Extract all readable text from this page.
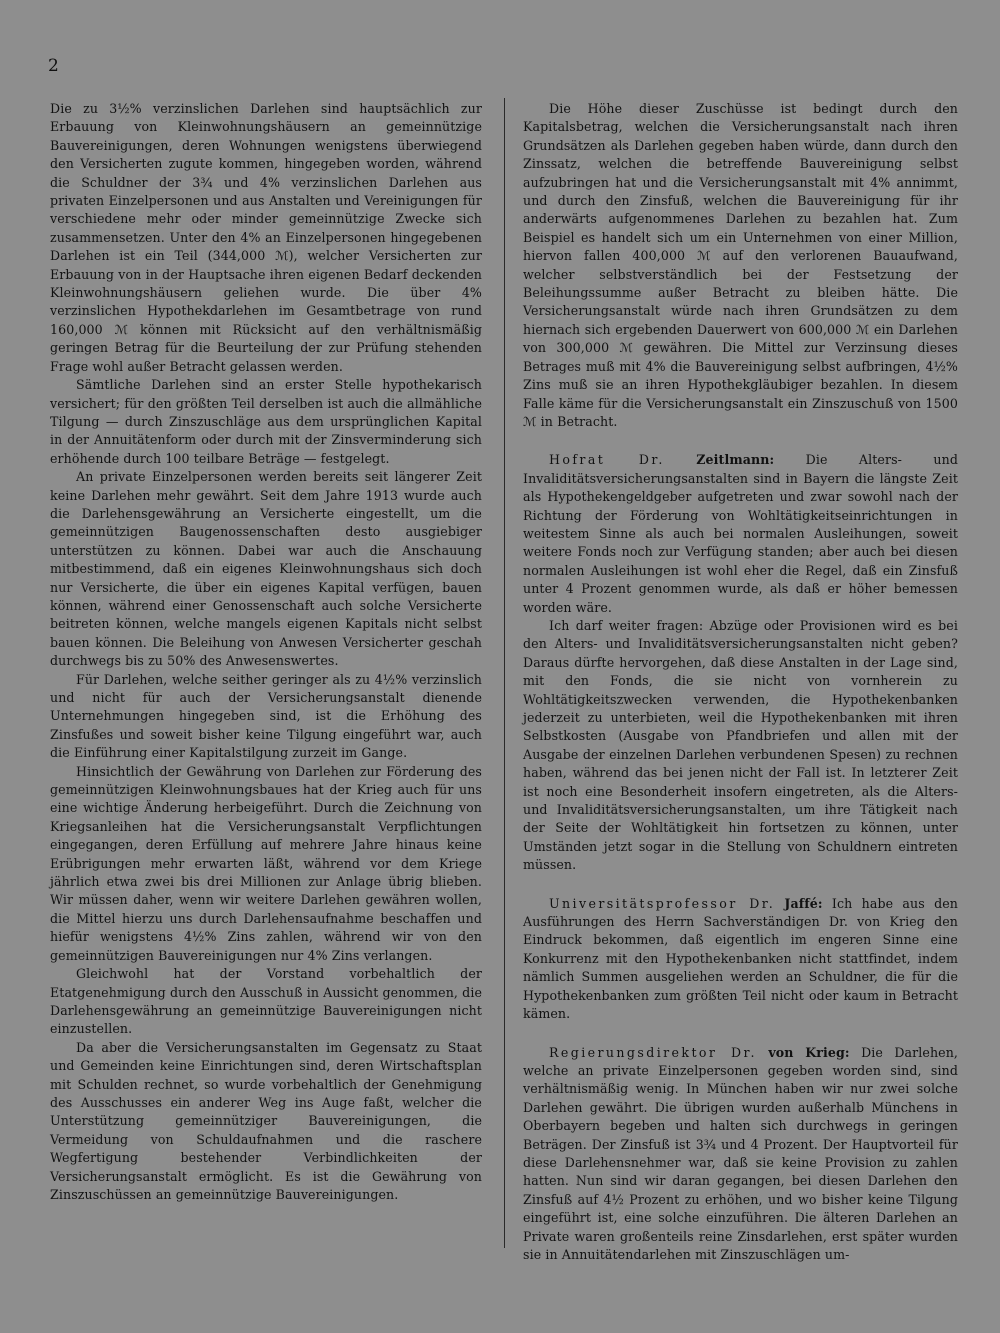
2

Die zu 3½% verzinslichen Darlehen sind hauptsächlich zur Erbauung von Kleinwohnungshäusern an gemeinnützige Bauvereinigungen, deren Wohnungen wenigstens überwiegend den Versicherten zugute kommen, hingegeben worden, während die Schuldner der 3¾ und 4% verzinslichen Darlehen aus privaten Einzelpersonen und aus Anstalten und Vereinigungen für verschiedene mehr oder minder gemeinnützige Zwecke sich zusammensetzen. Unter den 4% an Einzelpersonen hingegebenen Darlehen ist ein Teil (344,000 ℳ), welcher Versicherten zur Erbauung von in der Hauptsache ihren eigenen Bedarf deckenden Kleinwohnungshäusern geliehen wurde. Die über 4% verzinslichen Hypothekdarlehen im Gesamtbetrage von rund 160,000 ℳ können mit Rücksicht auf den verhältnismäßig geringen Betrag für die Beurteilung der zur Prüfung stehenden Frage wohl außer Betracht gelassen werden.

Sämtliche Darlehen sind an erster Stelle hypothekarisch versichert; für den größten Teil derselben ist auch die allmähliche Tilgung — durch Zinszuschläge aus dem ursprünglichen Kapital in der Annuitätenform oder durch mit der Zinsverminderung sich erhöhende durch 100 teilbare Beträge — festgelegt.

An private Einzelpersonen werden bereits seit längerer Zeit keine Darlehen mehr gewährt. Seit dem Jahre 1913 wurde auch die Darlehensgewährung an Versicherte eingestellt, um die gemeinnützigen Baugenossenschaften desto ausgiebiger unterstützen zu können. Dabei war auch die Anschauung mitbestimmend, daß ein eigenes Kleinwohnungshaus sich doch nur Versicherte, die über ein eigenes Kapital verfügen, bauen können, während einer Genossenschaft auch solche Versicherte beitreten können, welche mangels eigenen Kapitals nicht selbst bauen können. Die Beleihung von Anwesen Versicherter geschah durchwegs bis zu 50% des Anwesenswertes.

Für Darlehen, welche seither geringer als zu 4½% verzinslich und nicht für auch der Versicherungsanstalt dienende Unternehmungen hingegeben sind, ist die Erhöhung des Zinsfußes und soweit bisher keine Tilgung eingeführt war, auch die Einführung einer Kapitalstilgung zurzeit im Gange.

Hinsichtlich der Gewährung von Darlehen zur Förderung des gemeinnützigen Kleinwohnungsbaues hat der Krieg auch für uns eine wichtige Änderung herbeigeführt. Durch die Zeichnung von Kriegsanleihen hat die Versicherungsanstalt Verpflichtungen eingegangen, deren Erfüllung auf mehrere Jahre hinaus keine Erübrigungen mehr erwarten läßt, während vor dem Kriege jährlich etwa zwei bis drei Millionen zur Anlage übrig blieben. Wir müssen daher, wenn wir weitere Darlehen gewähren wollen, die Mittel hierzu uns durch Darlehensaufnahme beschaffen und hiefür wenigstens 4½% Zins zahlen, während wir von den gemeinnützigen Bauvereinigungen nur 4% Zins verlangen.

Gleichwohl hat der Vorstand vorbehaltlich der Etatgenehmigung durch den Ausschuß in Aussicht genommen, die Darlehensgewährung an gemeinnützige Bauvereinigungen nicht einzustellen.

Da aber die Versicherungsanstalten im Gegensatz zu Staat und Gemeinden keine Einrichtungen sind, deren Wirtschaftsplan mit Schulden rechnet, so wurde vorbehaltlich der Genehmigung des Ausschusses ein anderer Weg ins Auge faßt, welcher die Unterstützung gemeinnütziger Bauvereinigungen, die Vermeidung von Schuldaufnahmen und die raschere Wegfertigung bestehender Verbindlichkeiten der Versicherungsanstalt ermöglicht. Es ist die Gewährung von Zinszuschüssen an gemeinnützige Bauvereinigungen.

Die Höhe dieser Zuschüsse ist bedingt durch den Kapitalsbetrag, welchen die Versicherungsanstalt nach ihren Grundsätzen als Darlehen gegeben haben würde, dann durch den Zinssatz, welchen die betreffende Bauvereinigung selbst aufzubringen hat und die Versicherungsanstalt mit 4% annimmt, und durch den Zinsfuß, welchen die Bauvereinigung für ihr anderwärts aufgenommenes Darlehen zu bezahlen hat. Zum Beispiel es handelt sich um ein Unternehmen von einer Million, hiervon fallen 400,000 ℳ auf den verlorenen Bauaufwand, welcher selbstverständlich bei der Festsetzung der Beleihungssumme außer Betracht zu bleiben hätte. Die Versicherungsanstalt würde nach ihren Grundsätzen zu dem hiernach sich ergebenden Dauerwert von 600,000 ℳ ein Darlehen von 300,000 ℳ gewähren. Die Mittel zur Verzinsung dieses Betrages muß mit 4% die Bauvereinigung selbst aufbringen, 4½% Zins muß sie an ihren Hypothekgläubiger bezahlen. In diesem Falle käme für die Versicherungsanstalt ein Zinszuschuß von 1500 ℳ in Betracht.

Hofrat Dr. Zeitlmann: Die Alters- und Invaliditätsversicherungsanstalten sind in Bayern die längste Zeit als Hypothekengeldgeber aufgetreten und zwar sowohl nach der Richtung der Förderung von Wohltätigkeitseinrichtungen in weitestem Sinne als auch bei normalen Ausleihungen, soweit weitere Fonds noch zur Verfügung standen; aber auch bei diesen normalen Ausleihungen ist wohl eher die Regel, daß ein Zinsfuß unter 4 Prozent genommen wurde, als daß er höher bemessen worden wäre.

Ich darf weiter fragen: Abzüge oder Provisionen wird es bei den Alters- und Invaliditätsversicherungsanstalten nicht geben? Daraus dürfte hervorgehen, daß diese Anstalten in der Lage sind, mit den Fonds, die sie nicht von vornherein zu Wohltätigkeitszwecken verwenden, die Hypothekenbanken jederzeit zu unterbieten, weil die Hypothekenbanken mit ihren Selbstkosten (Ausgabe von Pfandbriefen und allen mit der Ausgabe der einzelnen Darlehen verbundenen Spesen) zu rechnen haben, während das bei jenen nicht der Fall ist. In letzterer Zeit ist noch eine Besonderheit insofern eingetreten, als die Alters- und Invaliditätsversicherungsanstalten, um ihre Tätigkeit nach der Seite der Wohltätigkeit hin fortsetzen zu können, unter Umständen jetzt sogar in die Stellung von Schuldnern eintreten müssen.

Universitätsprofessor Dr. Jaffé: Ich habe aus den Ausführungen des Herrn Sachverständigen Dr. von Krieg den Eindruck bekommen, daß eigentlich im engeren Sinne eine Konkurrenz mit den Hypothekenbanken nicht stattfindet, indem nämlich Summen ausgeliehen werden an Schuldner, die für die Hypothekenbanken zum größten Teil nicht oder kaum in Betracht kämen.

Regierungsdirektor Dr. von Krieg: Die Darlehen, welche an private Einzelpersonen gegeben worden sind, sind verhältnismäßig wenig. In München haben wir nur zwei solche Darlehen gewährt. Die übrigen wurden außerhalb Münchens in Oberbayern begeben und halten sich durchwegs in geringen Beträgen. Der Zinsfuß ist 3¾ und 4 Prozent. Der Hauptvorteil für diese Darlehensnehmer war, daß sie keine Provision zu zahlen hatten. Nun sind wir daran gegangen, bei diesen Darlehen den Zinsfuß auf 4½ Prozent zu erhöhen, und wo bisher keine Tilgung eingeführt ist, eine solche einzuführen. Die älteren Darlehen an Private waren großenteils reine Zinsdarlehen, erst später wurden sie in Annuitätendarlehen mit Zinszuschlägen um-
